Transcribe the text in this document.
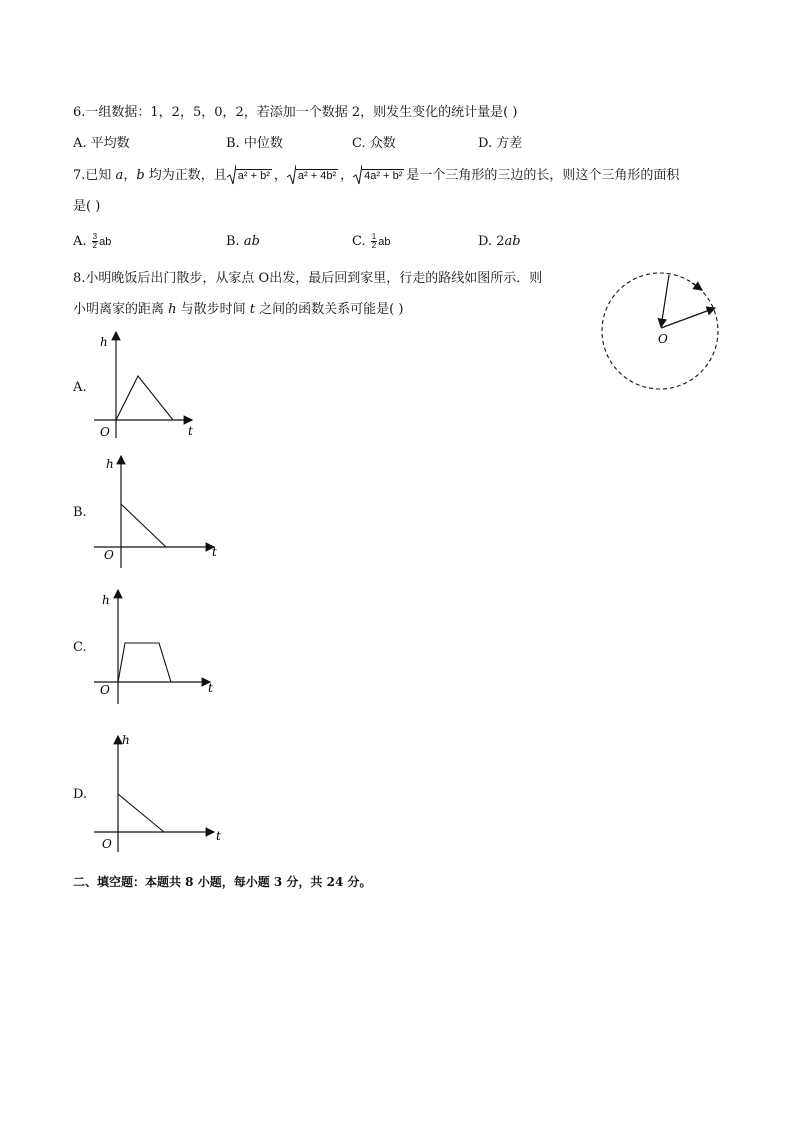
6.一组数据：1，2，5，0，2，若添加一个数据 2，则发生变化的统计量是( )
A. 平均数	B. 中位数	C. 众数	D. 方差
7.已知 a，b 均为正数，且 a² + b² ， a² + 4b² ， 4a² + b² 是一个三角形的三边的长，则这个三角形的面积
是( )
A. $\frac{3}{2}$ ab	B. ab	C. $\frac{1}{2}$ ab	D. 2ab
8.小明晚饭后出门散步，从家点 O出发，最后回到家里，行走的路线如图所示．则
小明离家的距离 h 与散步时间 t 之间的函数关系可能是( )
O
A.
h
O	t
B.
h
O	t
C.
h
O	t
D.
h
O
t
二、填空题：本题共 8 小题，每小题 3 分，共 24 分。
